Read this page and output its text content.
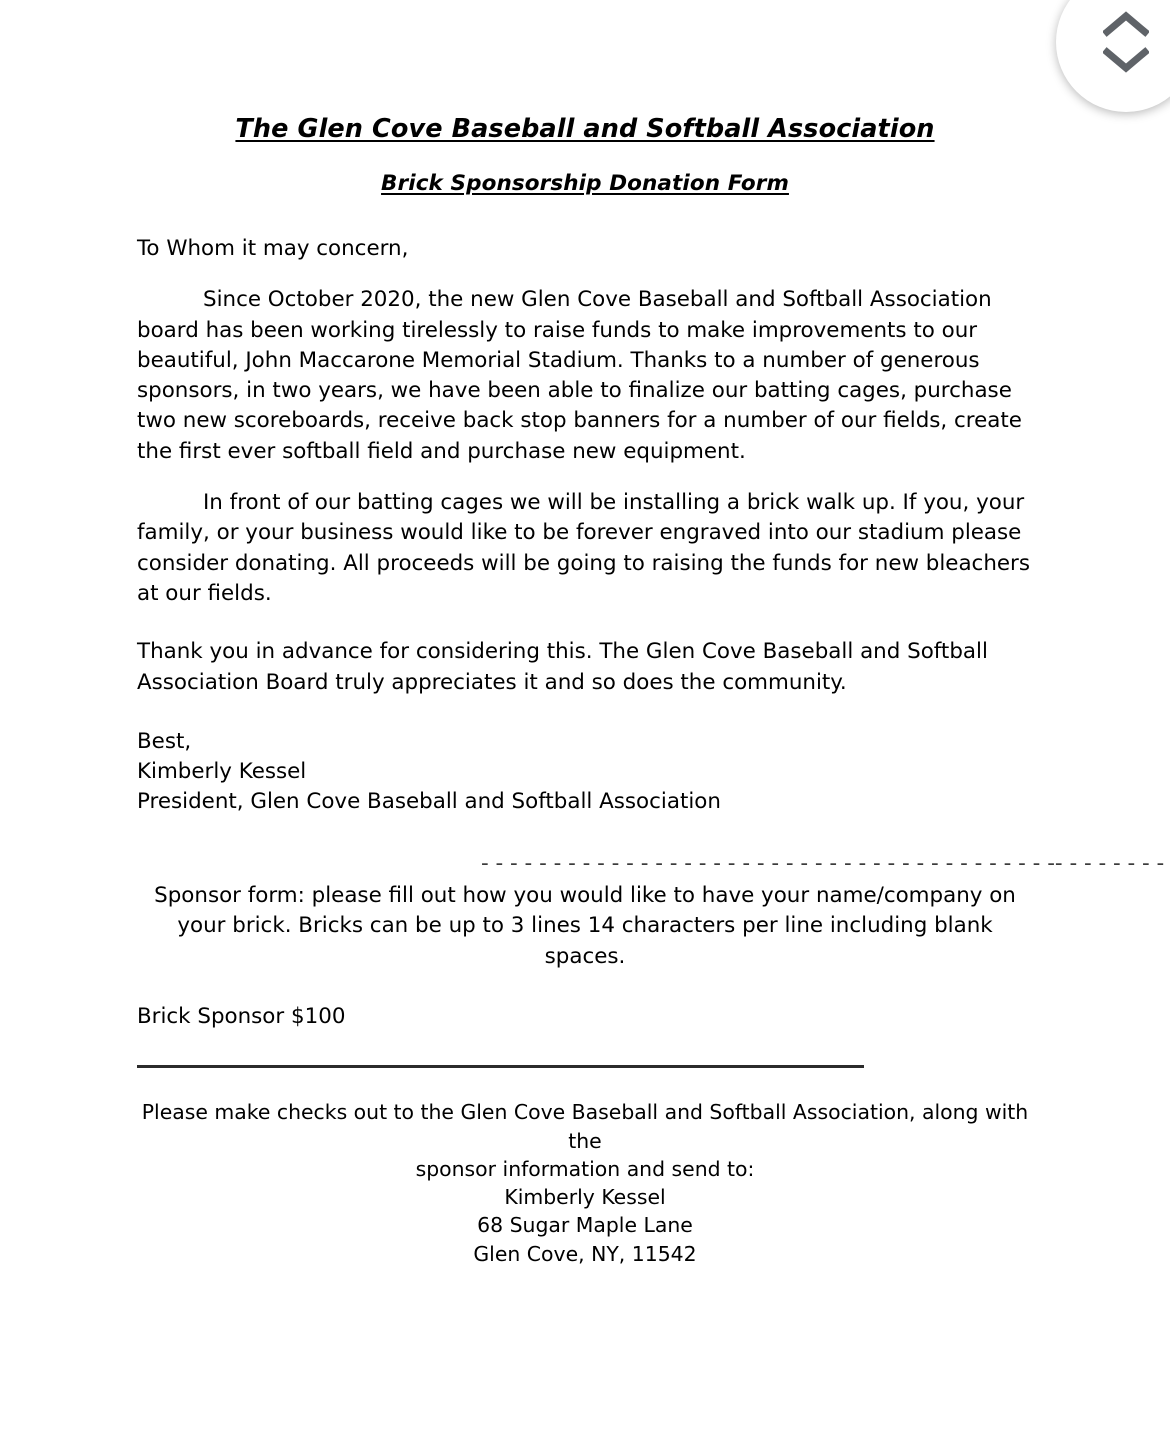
The Glen Cove Baseball and Softball Association
Brick Sponsorship Donation Form

To Whom it may concern,

Since October 2020, the new Glen Cove Baseball and Softball Association board has been working tirelessly to raise funds to make improvements to our beautiful, John Maccarone Memorial Stadium. Thanks to a number of generous sponsors, in two years, we have been able to finalize our batting cages, purchase two new scoreboards, receive back stop banners for a number of our fields, create the first ever softball field and purchase new equipment.

In front of our batting cages we will be installing a brick walk up. If you, your family, or your business would like to be forever engraved into our stadium please consider donating. All proceeds will be going to raising the funds for new bleachers at our fields.

Thank you in advance for considering this. The Glen Cove Baseball and Softball Association Board truly appreciates it and so does the community.

Best,

Kimberly Kessel

President, Glen Cove Baseball and Softball Association

- - - - - - - - - - - - - - - - - - - - - - - - - - - - - - - - - - - - - - - -- - - - - - - -

Sponsor form: please fill out how you would like to have your name/company on your brick. Bricks can be up to 3 lines 14 characters per line including blank spaces.

Brick Sponsor $100

Please make checks out to the Glen Cove Baseball and Softball Association, along with the

sponsor information and send to:

Kimberly Kessel

68 Sugar Maple Lane

Glen Cove, NY, 11542
